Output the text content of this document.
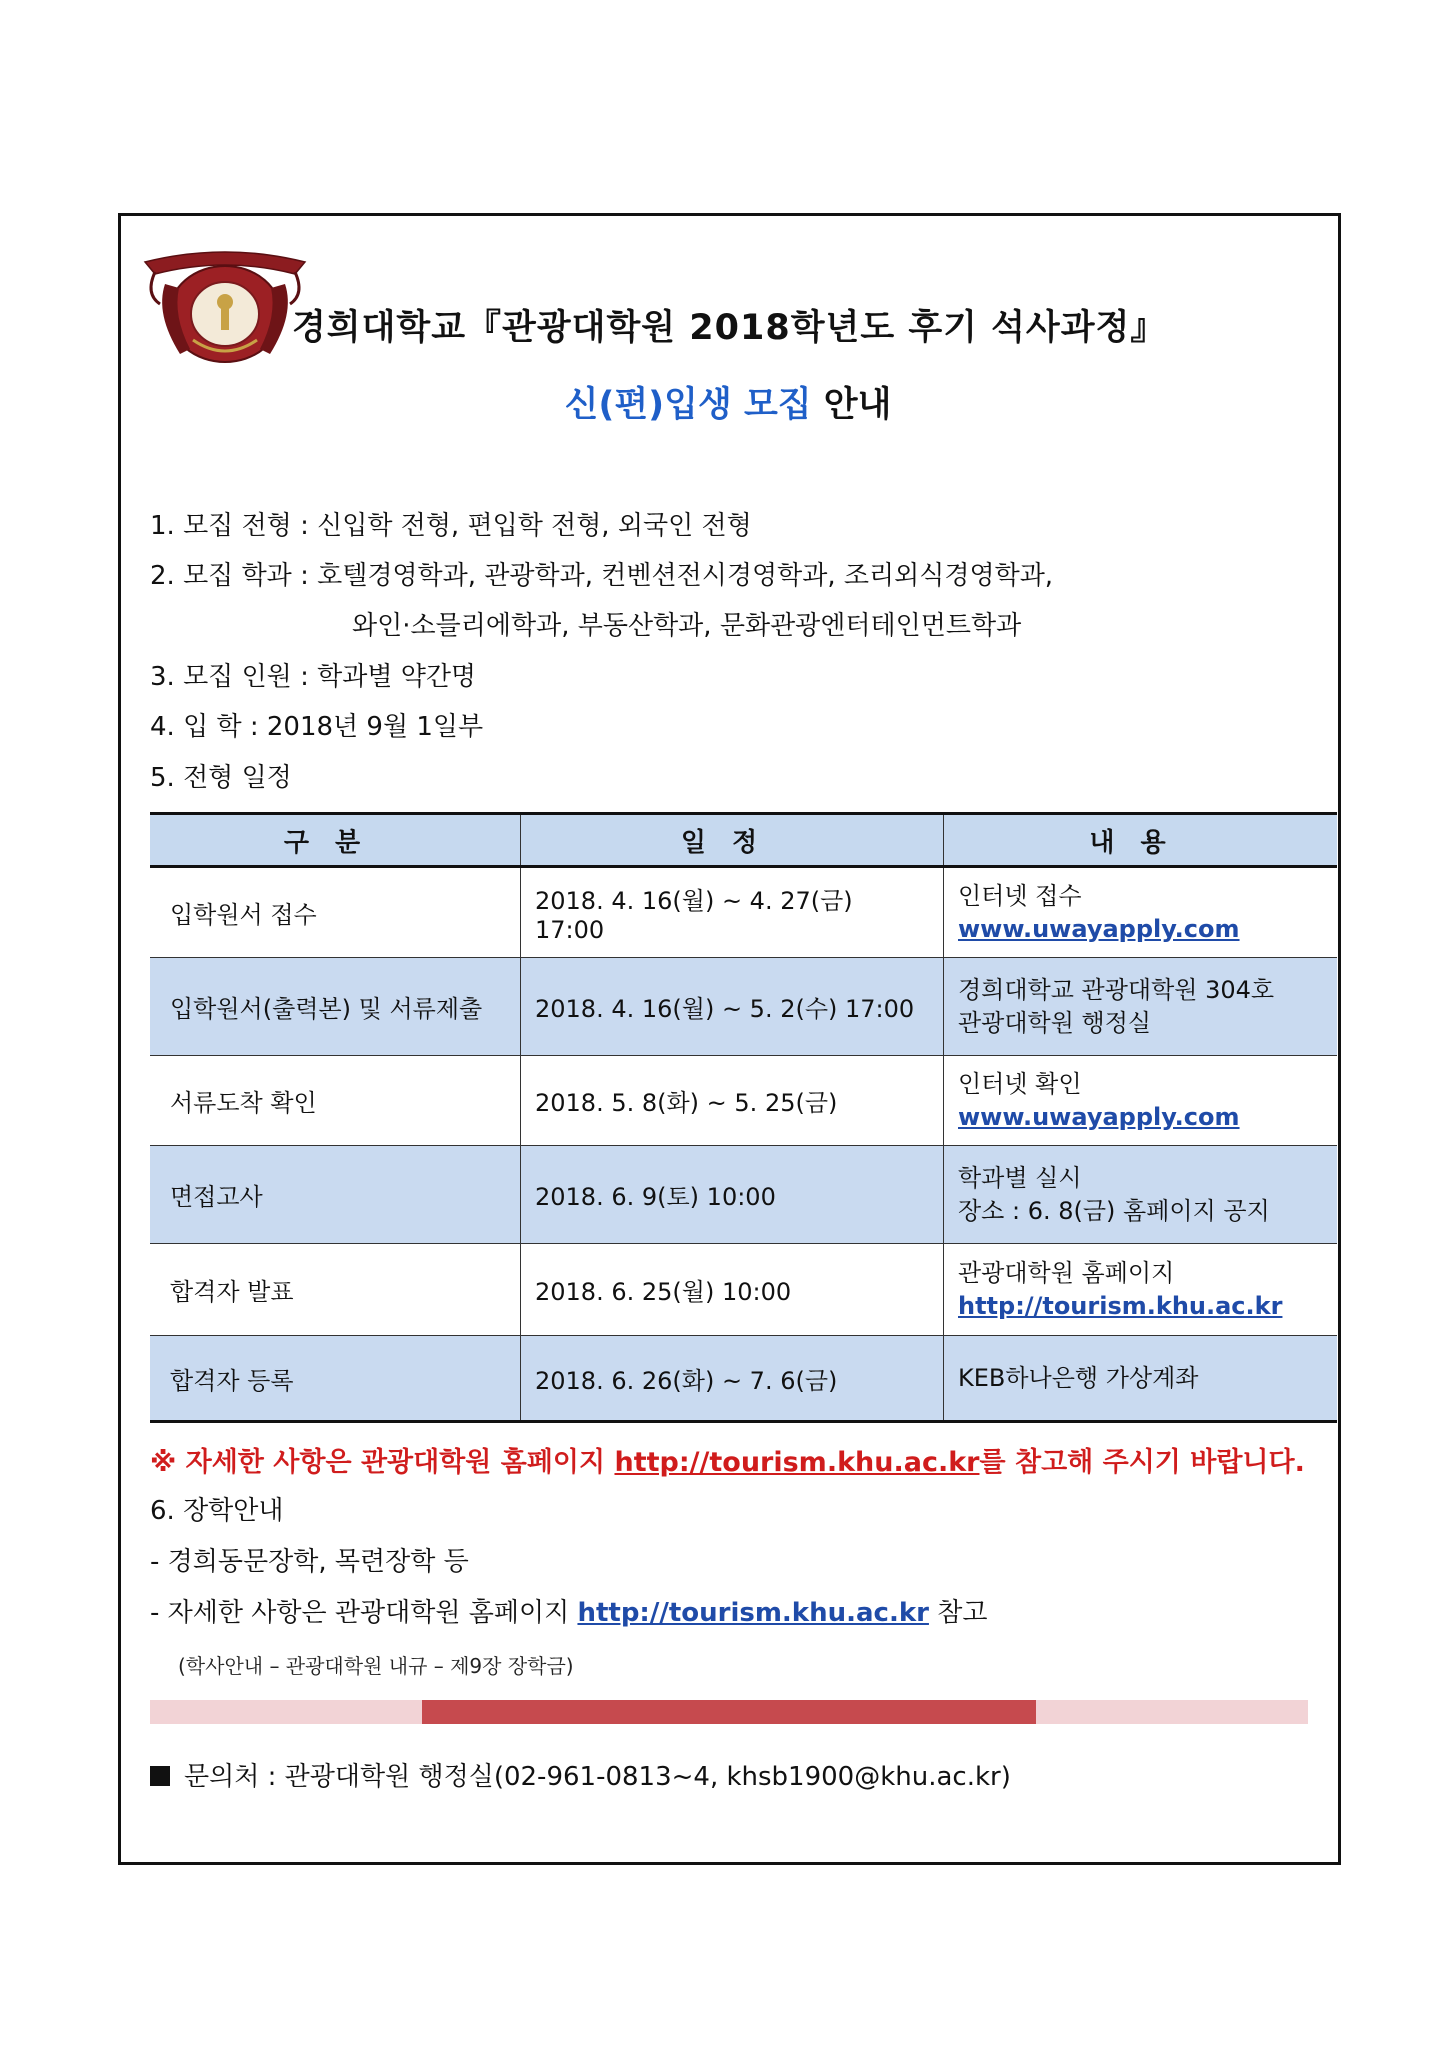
경희대학교『관광대학원 2018학년도 후기 석사과정』
신(편)입생 모집 안내
1. 모집 전형 : 신입학 전형, 편입학 전형, 외국인 전형
2. 모집 학과 : 호텔경영학과, 관광학과, 컨벤션전시경영학과, 조리외식경영학과,
와인·소믈리에학과, 부동산학과, 문화관광엔터테인먼트학과
3. 모집 인원 : 학과별 약간명
4. 입 학 : 2018년 9월 1일부
5. 전형 일정
구분	일정	내용
입학원서 접수	2018. 4. 16(월) ~ 4. 27(금) 17:00	인터넷 접수
www.uwayapply.com

입학원서(출력본) 및 서류제출	2018. 4. 16(월) ~ 5. 2(수) 17:00	경희대학교 관광대학원 304호
관광대학원 행정실

서류도착 확인	2018. 5. 8(화) ~ 5. 25(금)	인터넷 확인
www.uwayapply.com

면접고사	2018. 6. 9(토) 10:00	학과별 실시
장소 : 6. 8(금) 홈페이지 공지

합격자 발표	2018. 6. 25(월) 10:00	관광대학원 홈페이지
http://tourism.khu.ac.kr

합격자 등록	2018. 6. 26(화) ~ 7. 6(금)	KEB하나은행 가상계좌
※ 자세한 사항은 관광대학원 홈페이지 http://tourism.khu.ac.kr를 참고해 주시기 바랍니다.
6. 장학안내
- 경희동문장학, 목련장학 등
- 자세한 사항은 관광대학원 홈페이지 http://tourism.khu.ac.kr 참고
(학사안내 – 관광대학원 내규 – 제9장 장학금)
문의처 : 관광대학원 행정실(02-961-0813~4, khsb1900@khu.ac.kr)
